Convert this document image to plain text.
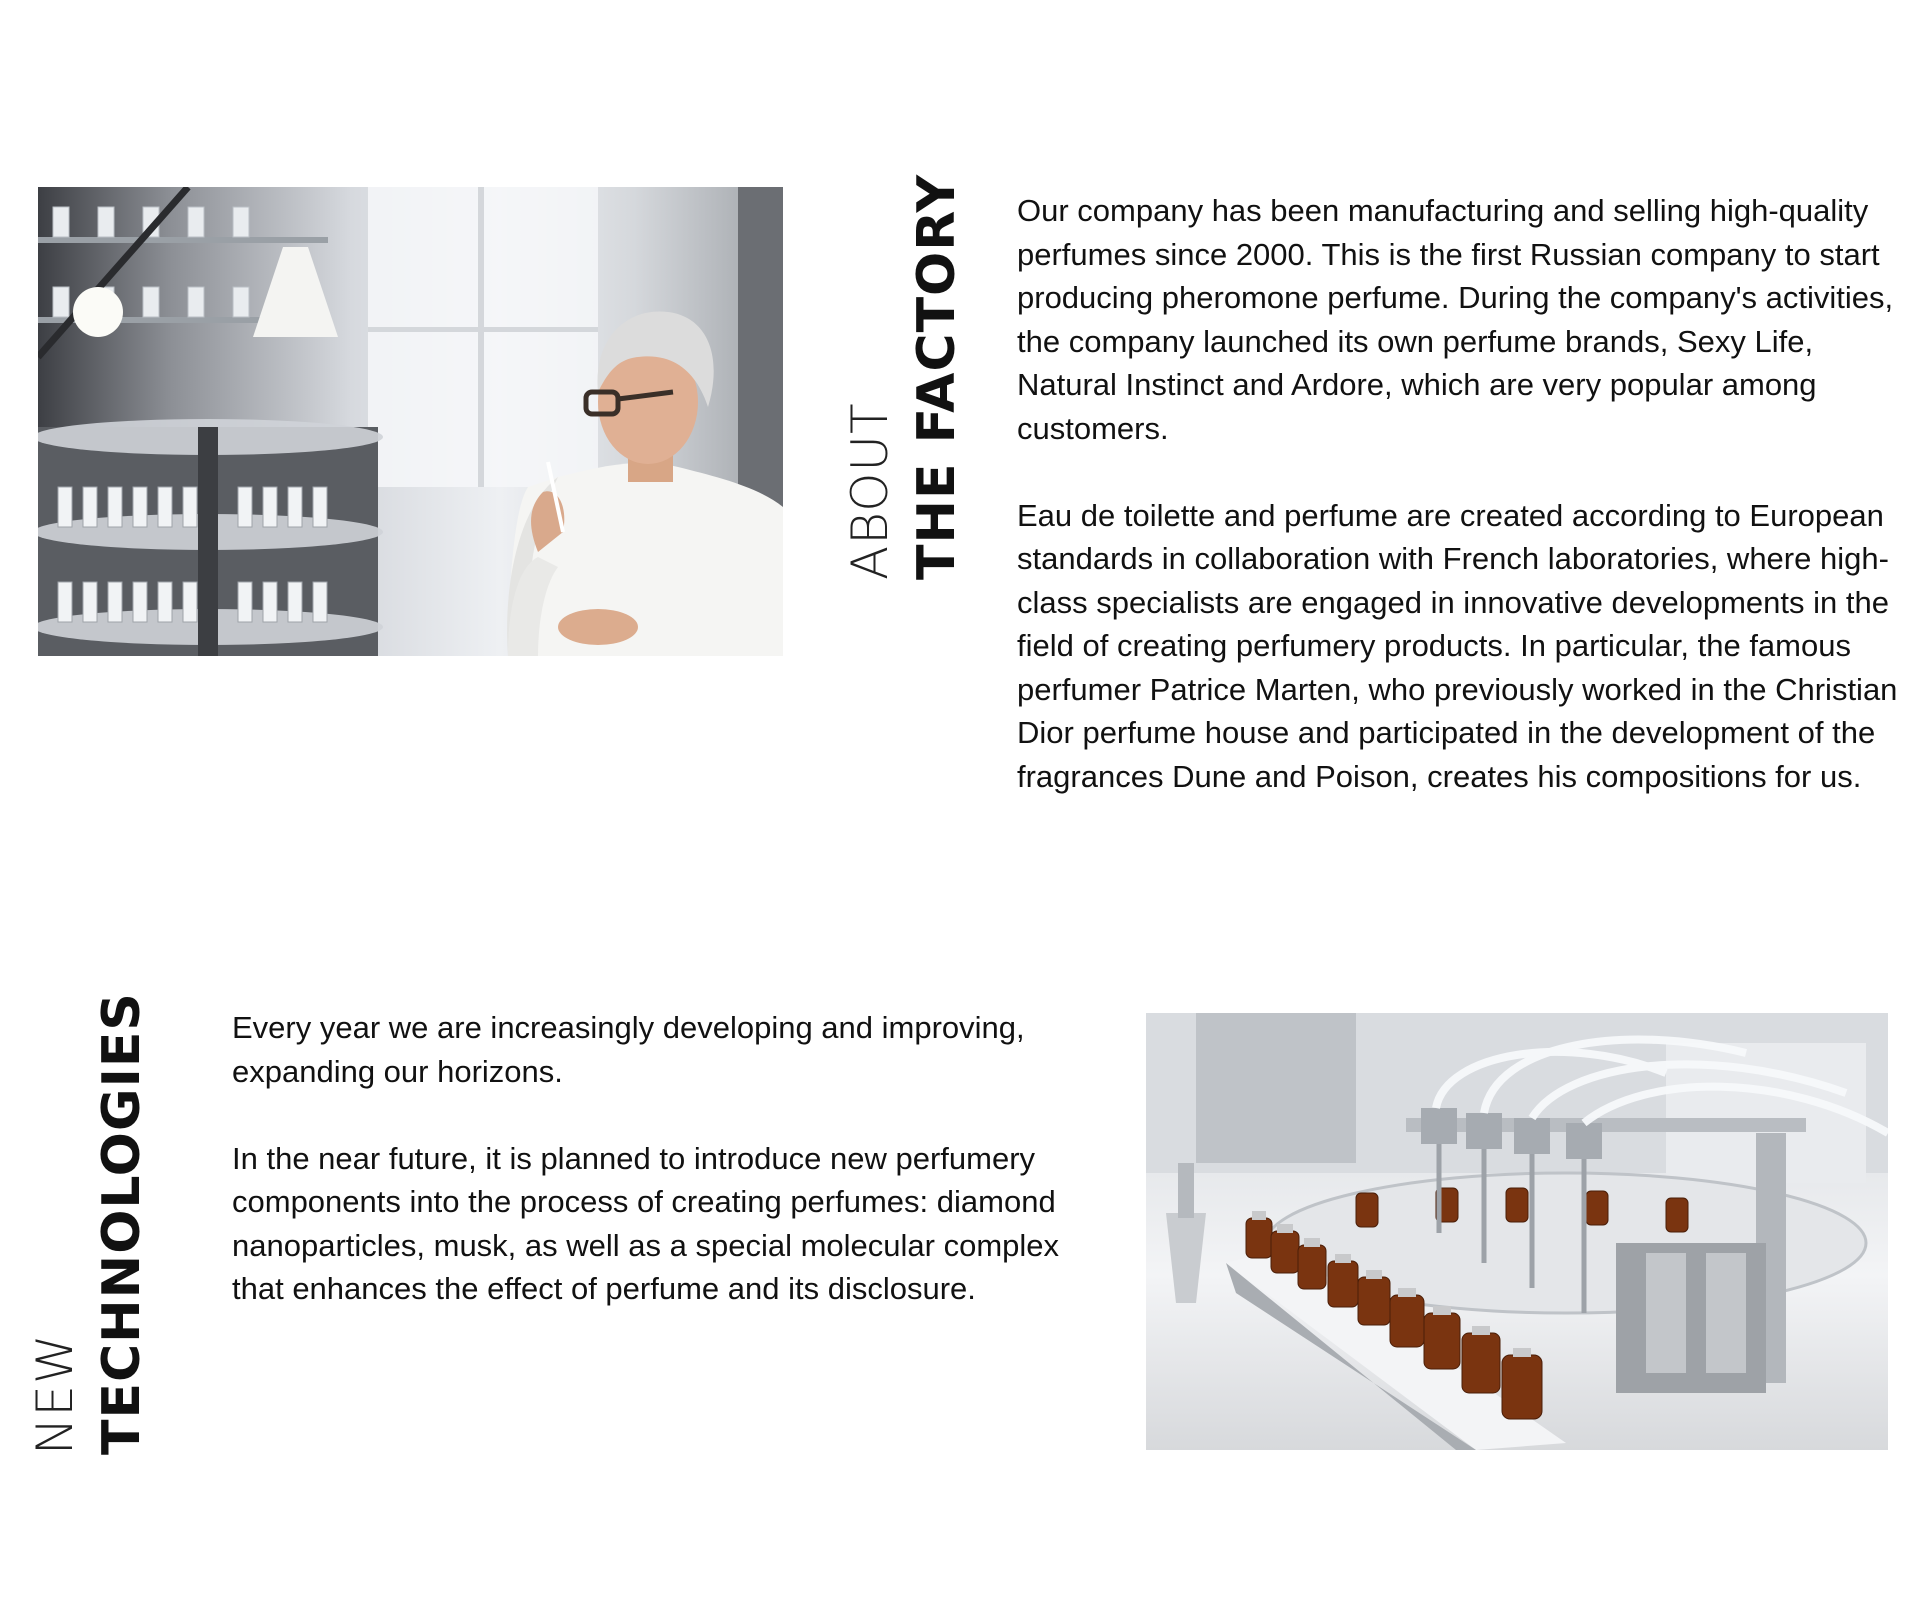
ABOUT THE FACTORY Our company has been manufacturing and selling high-quality perfumes since 2000. This is the first Russian company to start producing pheromone perfume. During the company's activities, the company launched its own perfume brands, Sexy Life, Natural Instinct and Ardore, which are very popular among customers.

Eau de toilette and perfume are created according to European standards in collaboration with French laboratories, where high-class specialists are engaged in innovative developments in the field of creating perfumery products. In particular, the famous perfumer Patrice Marten, who previously worked in the Christian Dior perfume house and participated in the development of the fragrances Dune and Poison, creates his compositions for us.

NEW TECHNOLOGIES	Every year we are increasingly developing and improving, expanding our horizons.

In the near future, it is planned to introduce new perfumery components into the process of creating perfumes: diamond nanoparticles, musk, as well as a special molecular complex that enhances the effect of perfume and its disclosure.
